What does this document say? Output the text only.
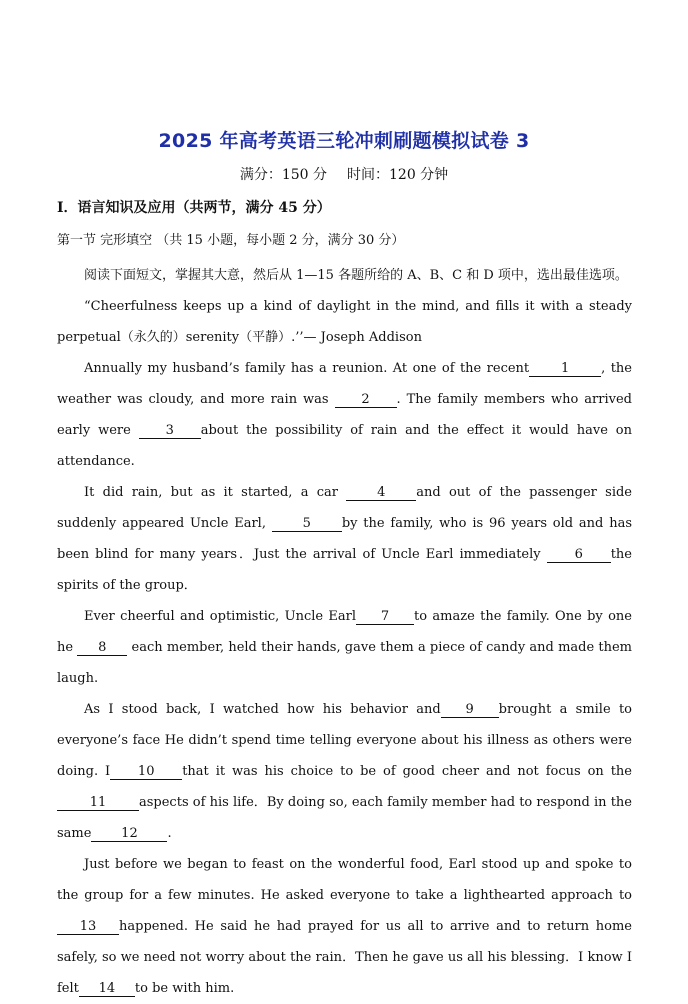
2025 年高考英语三轮冲刺刷题模拟试卷 3
满分：150 分 时间：120 分钟
I．语言知识及应用（共两节，满分 45 分）
第一节 完形填空 （共 15 小题，每小题 2 分，满分 30 分）

阅读下面短文，掌握其大意，然后从 1—15 各题所给的 A、B、C 和 D 项中，选出最佳选项。

“Cheerfulness keeps up a kind of daylight in the mind, and fills it with a steady perpetual（永久的）serenity（平静）.’’— Joseph Addison

Annually my husband’s family has a reunion. At one of the recent 1 , the weather was cloudy, and more rain was	2 . The family members who arrived early were	3 about the possibility of rain and the effect it would have on attendance.

It did rain, but as it started, a car	4 and out of the passenger side suddenly appeared Uncle Earl,	5 by the family, who is 96 years old and has been blind for many years．Just the arrival of Uncle Earl immediately	6 the spirits of the group．

Ever cheerful and optimistic, Uncle Earl 7 to amaze the family. One by one he 8 each member, held their hands, gave them a piece of candy and made them laugh.

As I stood back, I watched how his behavior and 9 brought a smile to everyone’s face He didn’t spend time telling everyone about his illness as others were doing. I 10 that it was his choice to be of good cheer and not focus on the11	aspects of his life．By doing so, each family member had to respond in the same 12 .

Just before we began to feast on the wonderful food, Earl stood up and spoke to the group for a few minutes. He asked everyone to take a lighthearted approach to 13 happened. He said he had prayed for us all to arrive and to return home safely, so we need not worry about the rain．Then he gave us all his blessing．I know I felt 14 to be with him.
